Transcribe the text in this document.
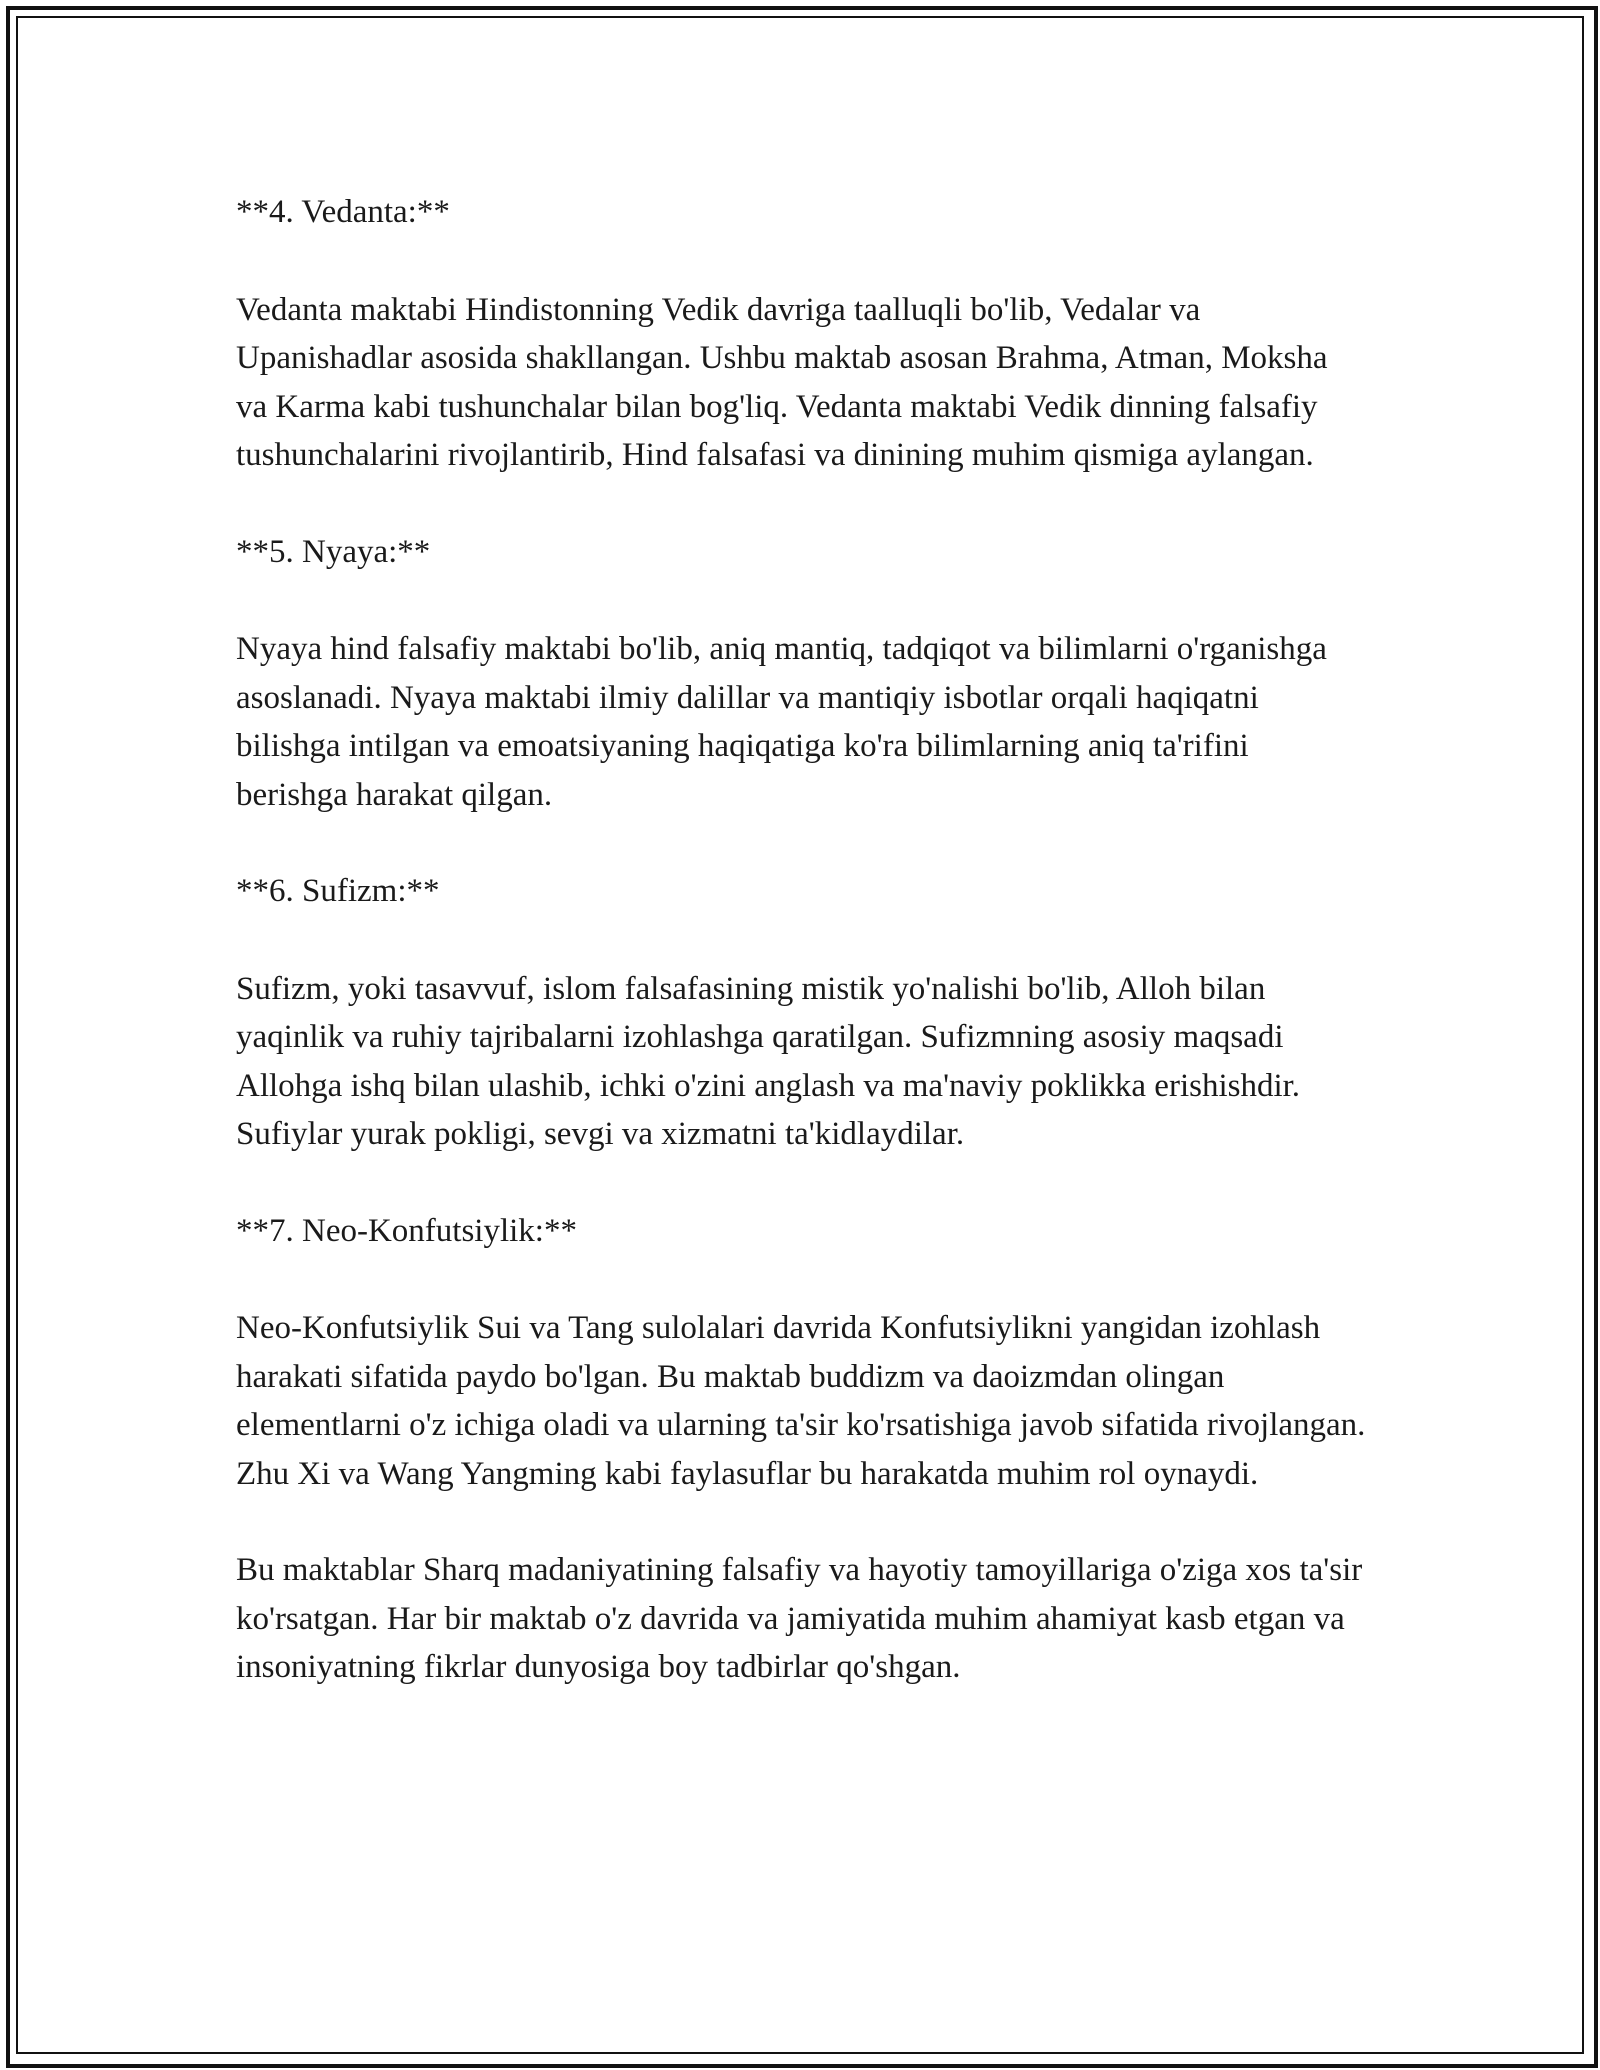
**4. Vedanta:**

Vedanta maktabi Hindistonning Vedik davriga taalluqli bo'lib, Vedalar va Upanishadlar asosida shakllangan. Ushbu maktab asosan Brahma, Atman, Moksha va Karma kabi tushunchalar bilan bog'liq. Vedanta maktabi Vedik dinning falsafiy tushunchalarini rivojlantirib, Hind falsafasi va dinining muhim qismiga aylangan.

**5. Nyaya:**

Nyaya hind falsafiy maktabi bo'lib, aniq mantiq, tadqiqot va bilimlarni o'rganishga asoslanadi. Nyaya maktabi ilmiy dalillar va mantiqiy isbotlar orqali haqiqatni bilishga intilgan va emoatsiyaning haqiqatiga ko'ra bilimlarning aniq ta'rifini berishga harakat qilgan.

**6. Sufizm:**

Sufizm, yoki tasavvuf, islom falsafasining mistik yo'nalishi bo'lib, Alloh bilan yaqinlik va ruhiy tajribalarni izohlashga qaratilgan. Sufizmning asosiy maqsadi Allohga ishq bilan ulashib, ichki o'zini anglash va ma'naviy poklikka erishishdir. Sufiylar yurak pokligi, sevgi va xizmatni ta'kidlaydilar.

**7. Neo-Konfutsiylik:**

Neo-Konfutsiylik Sui va Tang sulolalari davrida Konfutsiylikni yangidan izohlash harakati sifatida paydo bo'lgan. Bu maktab buddizm va daoizmdan olingan elementlarni o'z ichiga oladi va ularning ta'sir ko'rsatishiga javob sifatida rivojlangan. Zhu Xi va Wang Yangming kabi faylasuflar bu harakatda muhim rol oynaydi.

Bu maktablar Sharq madaniyatining falsafiy va hayotiy tamoyillariga o'ziga xos ta'sir ko'rsatgan. Har bir maktab o'z davrida va jamiyatida muhim ahamiyat kasb etgan va insoniyatning fikrlar dunyosiga boy tadbirlar qo'shgan.
